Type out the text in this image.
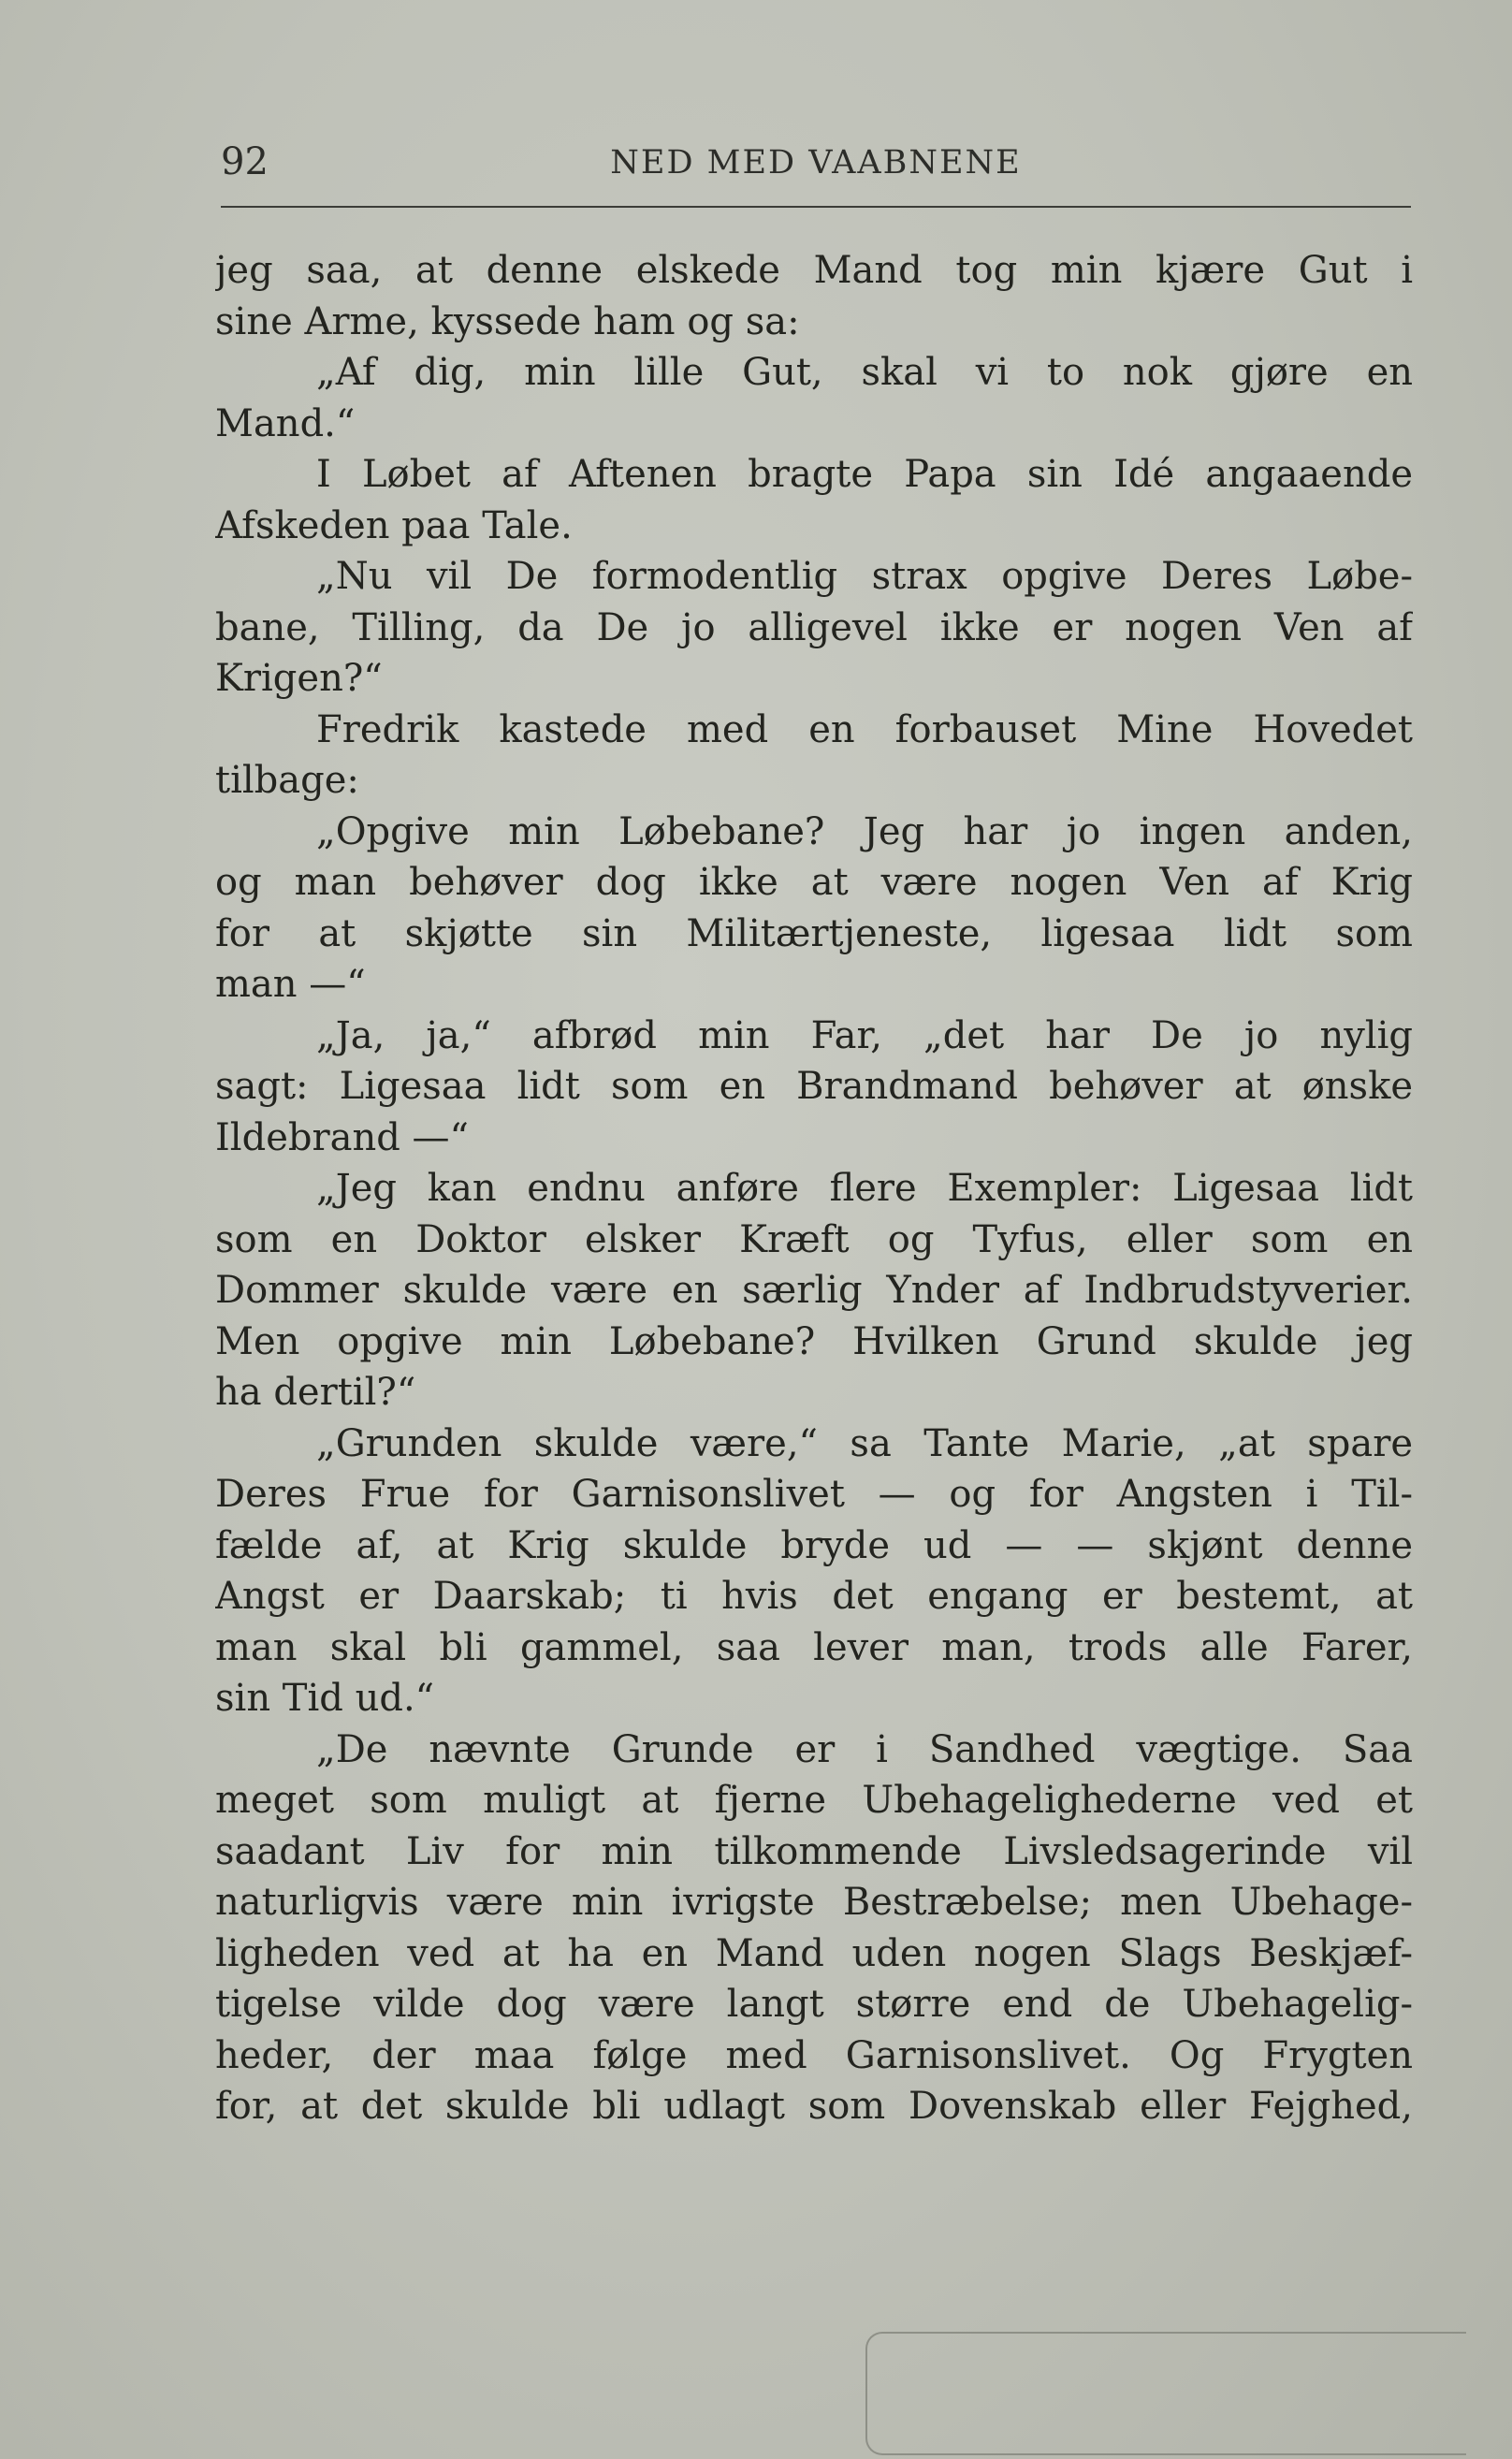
92	NED MED VAABNENE
jeg saa, at denne elskede Mand tog min kjære Gut i
sine Arme, kyssede ham og sa:
„Af dig, min lille Gut, skal vi to nok gjøre en
Mand.“
I Løbet af Aftenen bragte Papa sin Idé angaaende
Afskeden paa Tale.
„Nu vil De formodentlig strax opgive Deres Løbe-
bane, Tilling, da De jo alligevel ikke er nogen Ven af
Krigen?“
Fredrik kastede med en forbauset Mine Hovedet
tilbage:
„Opgive min Løbebane? Jeg har jo ingen anden,
og man behøver dog ikke at være nogen Ven af Krig
for at skjøtte sin Militærtjeneste, ligesaa lidt som
man —“
„Ja, ja,“ afbrød min Far, „det har De jo nylig
sagt: Ligesaa lidt som en Brandmand behøver at ønske
Ildebrand —“
„Jeg kan endnu anføre flere Exempler: Ligesaa lidt
som en Doktor elsker Kræft og Tyfus, eller som en
Dommer skulde være en særlig Ynder af Indbrudstyverier.
Men opgive min Løbebane? Hvilken Grund skulde jeg
ha dertil?“
„Grunden skulde være,“ sa Tante Marie, „at spare
Deres Frue for Garnisonslivet — og for Angsten i Til-
fælde af, at Krig skulde bryde ud — — skjønt denne
Angst er Daarskab; ti hvis det engang er bestemt, at
man skal bli gammel, saa lever man, trods alle Farer,
sin Tid ud.“
„De nævnte Grunde er i Sandhed vægtige. Saa
meget som muligt at fjerne Ubehagelighederne ved et
saadant Liv for min tilkommende Livsledsagerinde vil
naturligvis være min ivrigste Bestræbelse; men Ubehage-
ligheden ved at ha en Mand uden nogen Slags Beskjæf-
tigelse vilde dog være langt større end de Ubehagelig-
heder, der maa følge med Garnisonslivet. Og Frygten
for, at det skulde bli udlagt som Dovenskab eller Fejghed,
